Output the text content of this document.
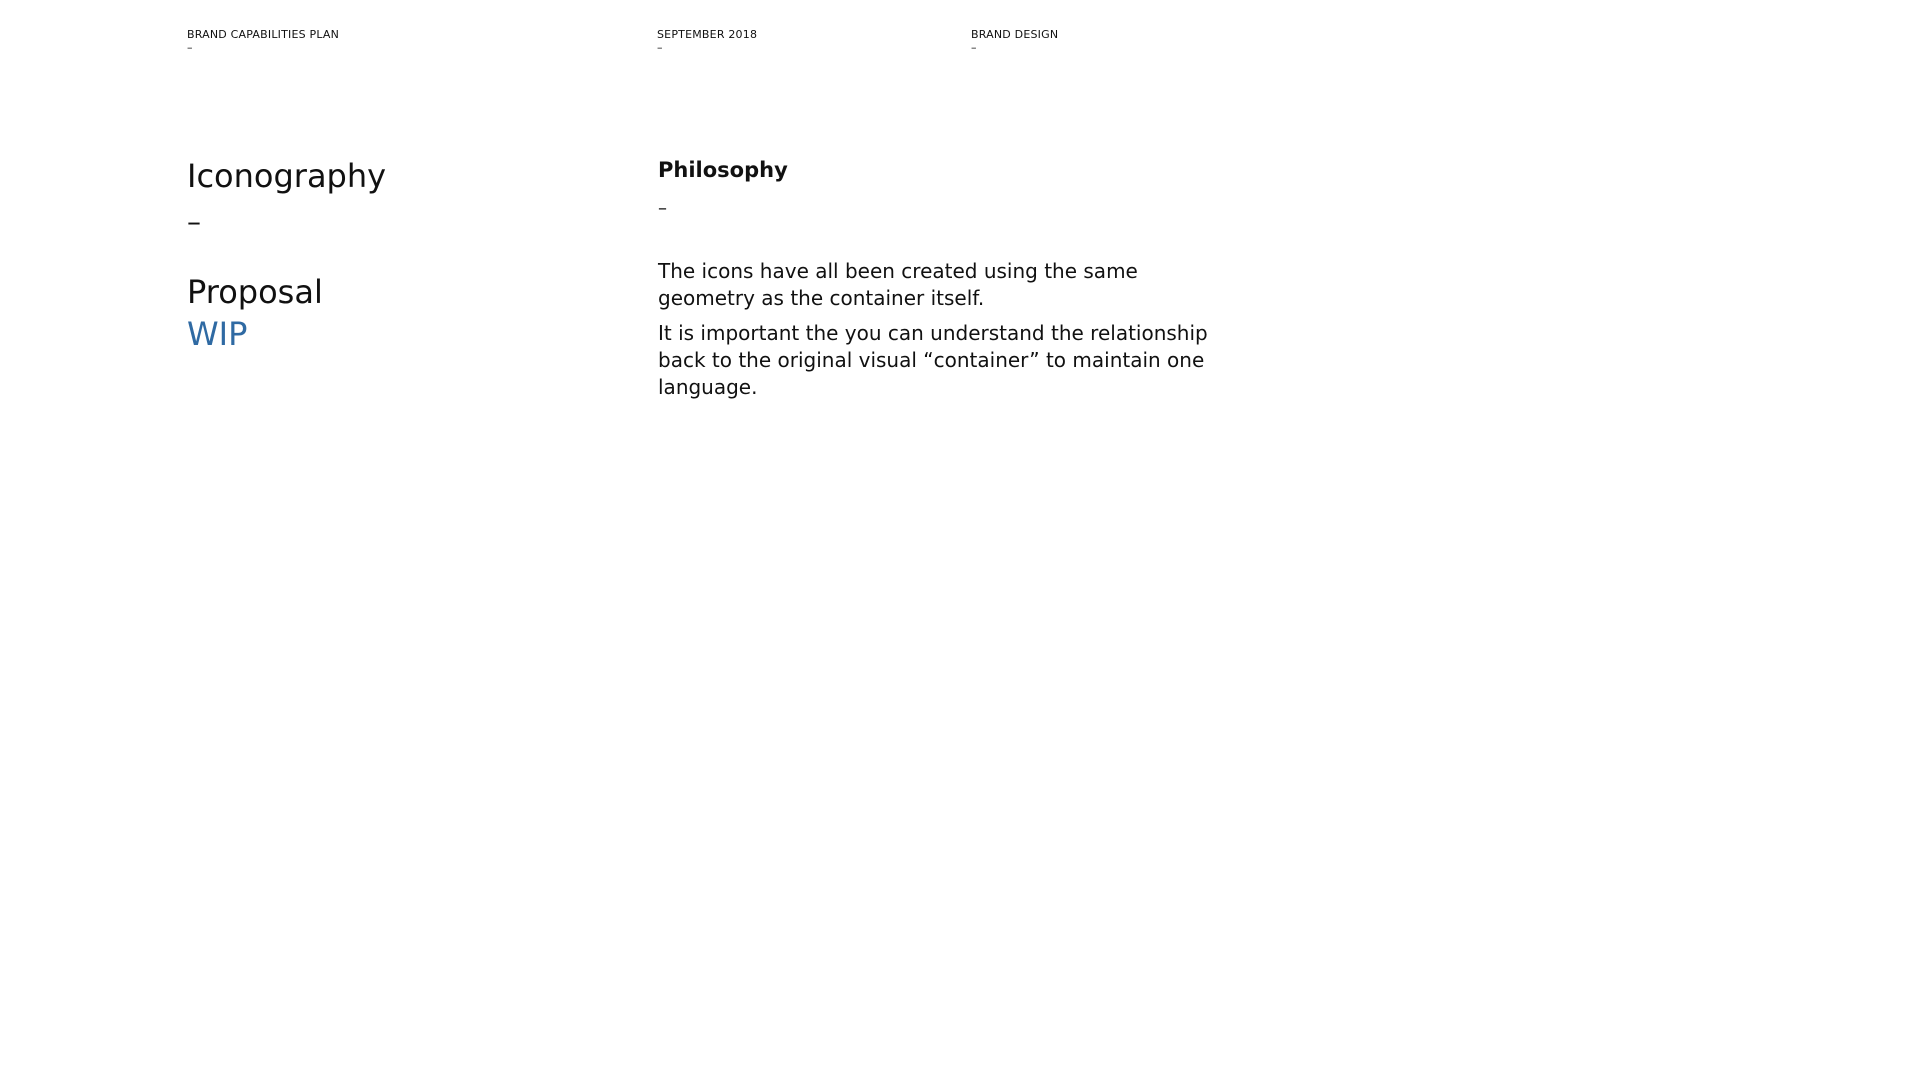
BRAND CAPABILITIES PLAN
–
SEPTEMBER 2018
–
BRAND DESIGN
–
Iconography
–
Proposal
WIP
Philosophy
–

The icons have all been created using the same geometry as the container itself.

It is important the you can understand the relationship back to the original visual “container” to maintain one language.
